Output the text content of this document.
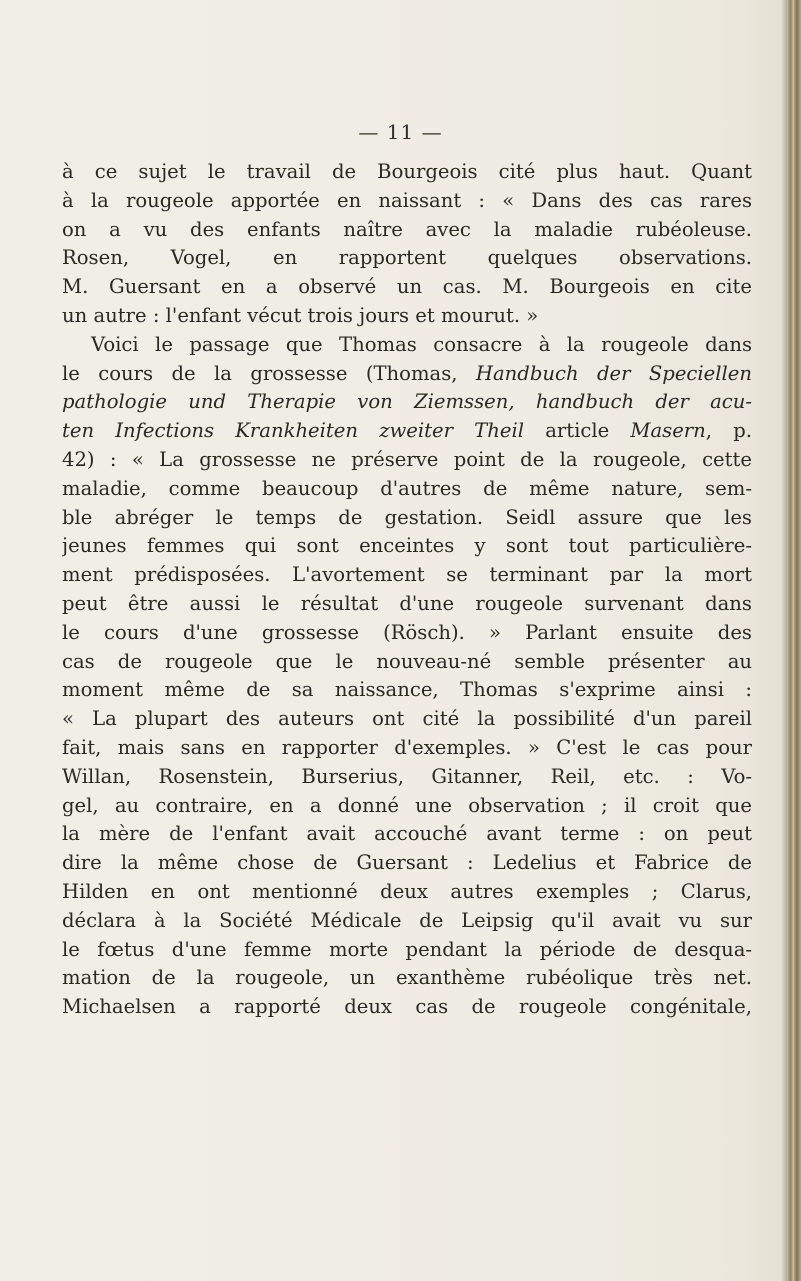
— 11 —
à ce sujet le travail de Bourgeois cité plus haut. Quant
à la rougeole apportée en naissant : « Dans des cas rares
on a vu des enfants naître avec la maladie rubéoleuse.
Rosen, Vogel, en rapportent quelques observations.
M. Guersant en a observé un cas. M. Bourgeois en cite
un autre : l'enfant vécut trois jours et mourut. »
Voici le passage que Thomas consacre à la rougeole dans
le cours de la grossesse (Thomas, Handbuch der Speciellen
pathologie und Therapie von Ziemssen, handbuch der acu-
ten Infections Krankheiten zweiter Theil article Masern, p.
42) : « La grossesse ne préserve point de la rougeole, cette
maladie, comme beaucoup d'autres de même nature, sem-
ble abréger le temps de gestation. Seidl assure que les
jeunes femmes qui sont enceintes y sont tout particulière-
ment prédisposées. L'avortement se terminant par la mort
peut être aussi le résultat d'une rougeole survenant dans
le cours d'une grossesse (Rösch). » Parlant ensuite des
cas de rougeole que le nouveau-né semble présenter au
moment même de sa naissance, Thomas s'exprime ainsi :
« La plupart des auteurs ont cité la possibilité d'un pareil
fait, mais sans en rapporter d'exemples. » C'est le cas pour
Willan, Rosenstein, Burserius, Gitanner, Reil, etc. : Vo-
gel, au contraire, en a donné une observation ; il croit que
la mère de l'enfant avait accouché avant terme : on peut
dire la même chose de Guersant : Ledelius et Fabrice de
Hilden en ont mentionné deux autres exemples ; Clarus,
déclara à la Société Médicale de Leipsig qu'il avait vu sur
le fœtus d'une femme morte pendant la période de desqua-
mation de la rougeole, un exanthème rubéolique très net.
Michaelsen a rapporté deux cas de rougeole congénitale,
